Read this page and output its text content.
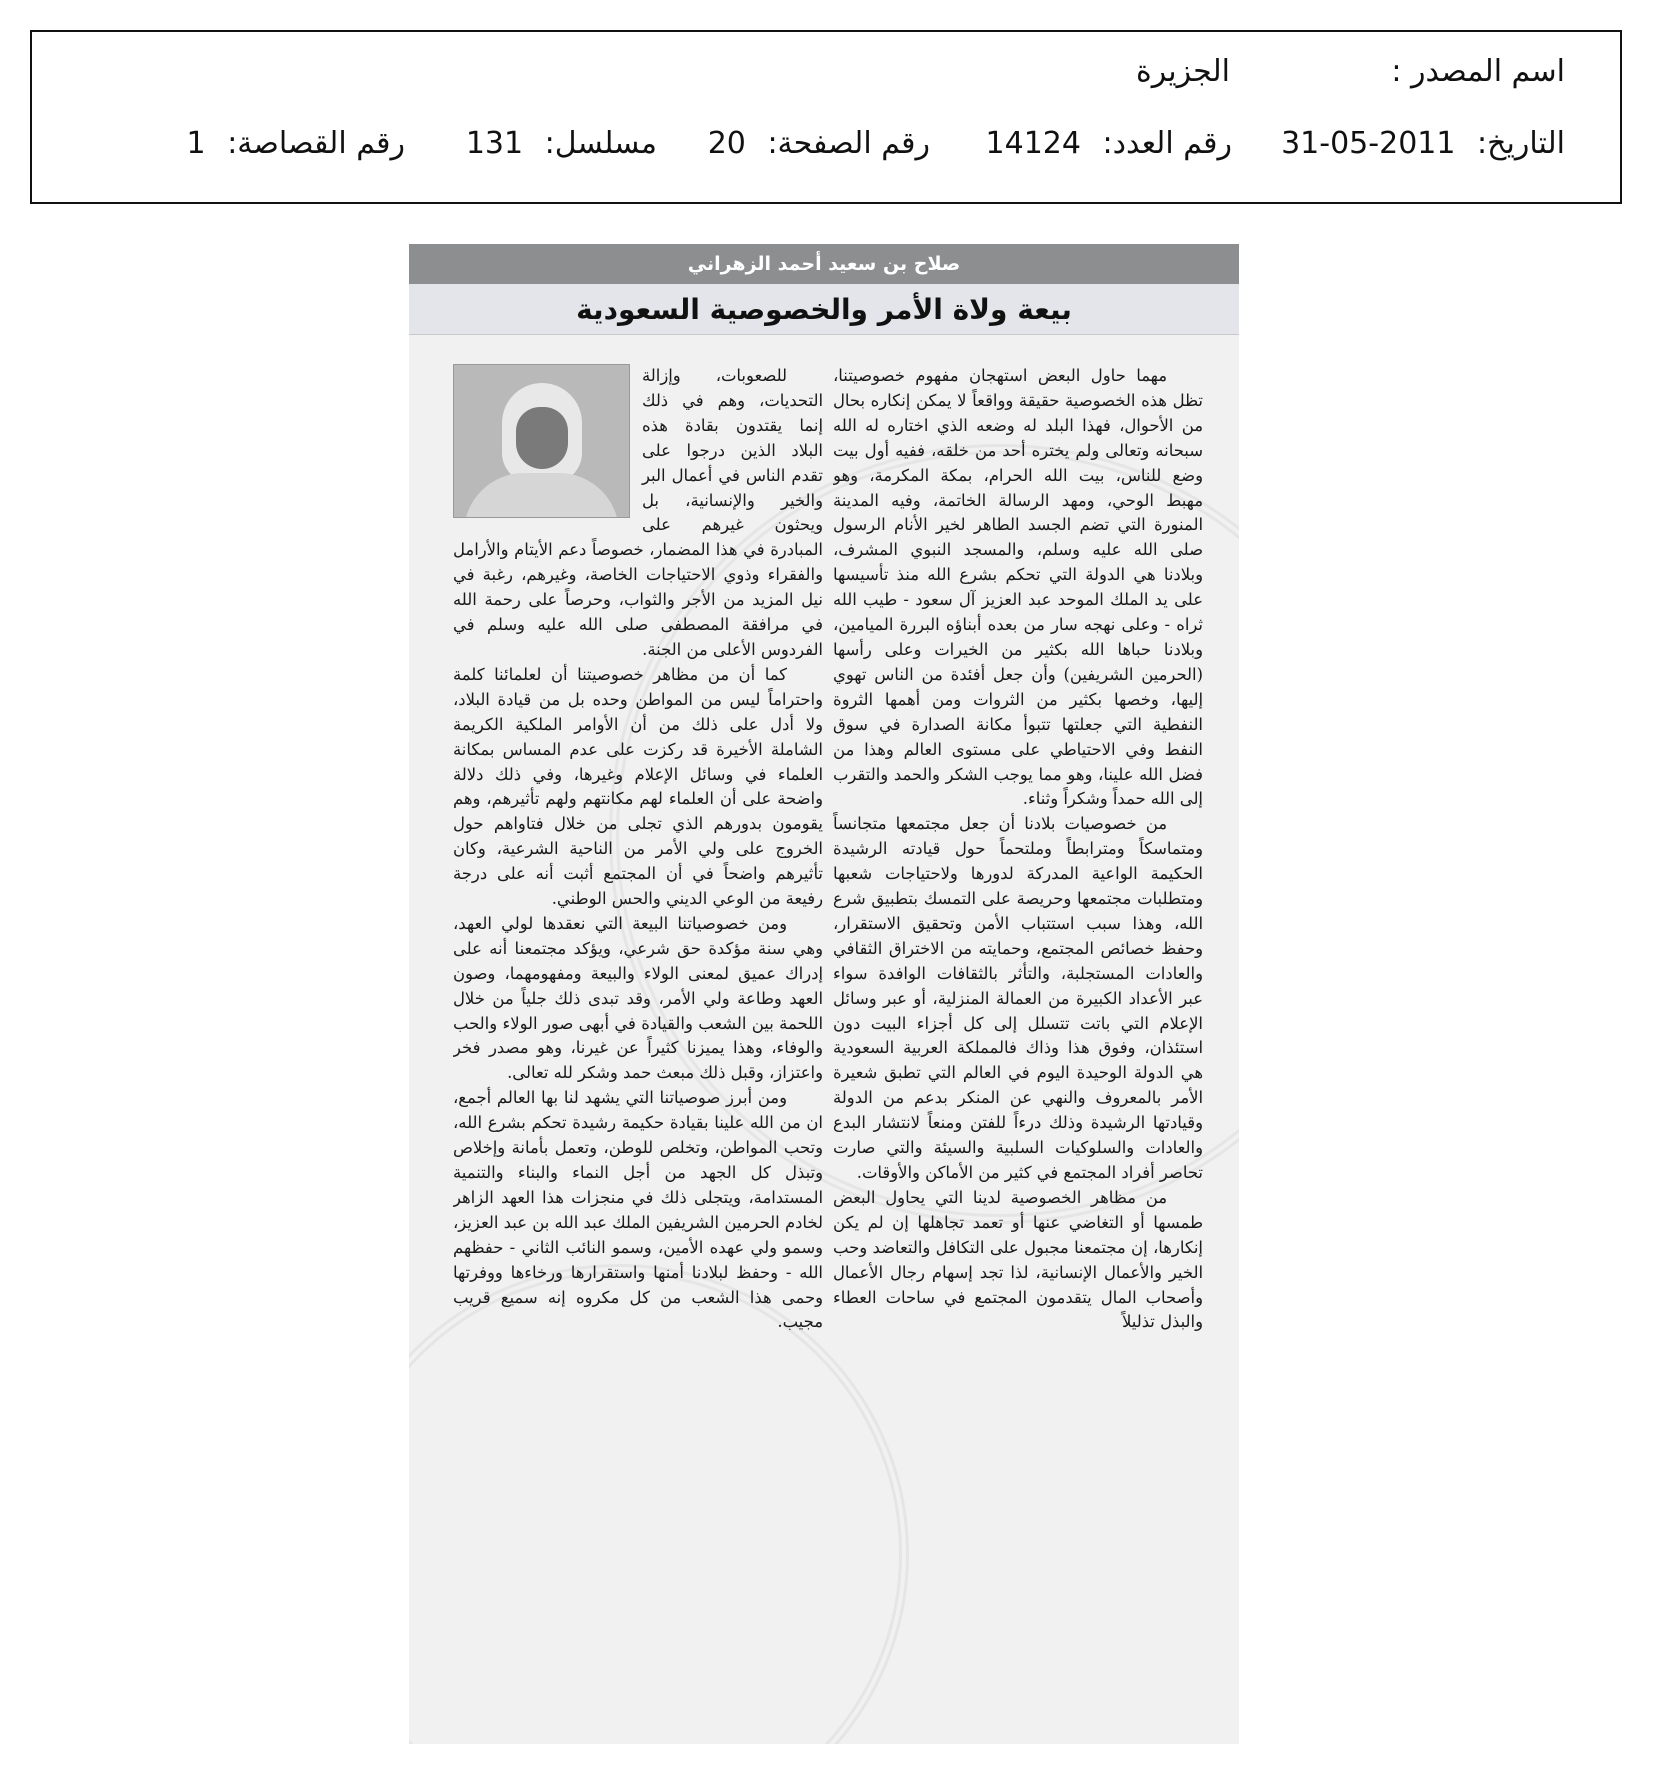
اسم المصدر :
الجزيرة
التاريخ: 2011-05-31
رقم العدد: 14124
رقم الصفحة: 20
مسلسل: 131
رقم القصاصة: 1
صلاح بن سعيد أحمد الزهراني
بيعة ولاة الأمر والخصوصية السعودية

مهما حاول البعض استهجان مفهوم خصوصيتنا، تظل هذه الخصوصية حقيقة وواقعاً لا يمكن إنكاره بحال من الأحوال، فهذا البلد له وضعه الذي اختاره له الله سبحانه وتعالى ولم يختره أحد من خلقه، ففيه أول بيت وضع للناس، بيت الله الحرام، بمكة المكرمة، وهو مهبط الوحي، ومهد الرسالة الخاتمة، وفيه المدينة المنورة التي تضم الجسد الطاهر لخير الأنام الرسول صلى الله عليه وسلم، والمسجد النبوي المشرف، وبلادنا هي الدولة التي تحكم بشرع الله منذ تأسيسها على يد الملك الموحد عبد العزيز آل سعود - طيب الله ثراه - وعلى نهجه سار من بعده أبناؤه البررة الميامين، وبلادنا حباها الله بكثير من الخيرات وعلى رأسها (الحرمين الشريفين) وأن جعل أفئدة من الناس تهوي إليها، وخصها بكثير من الثروات ومن أهمها الثروة النفطية التي جعلتها تتبوأ مكانة الصدارة في سوق النفط وفي الاحتياطي على مستوى العالم وهذا من فضل الله علينا، وهو مما يوجب الشكر والحمد والتقرب إلى الله حمداً وشكراً وثناء.

من خصوصيات بلادنا أن جعل مجتمعها متجانساً ومتماسكاً ومترابطاً وملتحماً حول قيادته الرشيدة الحكيمة الواعية المدركة لدورها ولاحتياجات شعبها ومتطلبات مجتمعها وحريصة على التمسك بتطبيق شرع الله، وهذا سبب استتباب الأمن وتحقيق الاستقرار، وحفظ خصائص المجتمع، وحمايته من الاختراق الثقافي والعادات المستجلبة، والتأثر بالثقافات الوافدة سواء عبر الأعداد الكبيرة من العمالة المنزلية، أو عبر وسائل الإعلام التي باتت تتسلل إلى كل أجزاء البيت دون استئذان، وفوق هذا وذاك فالمملكة العربية السعودية هي الدولة الوحيدة اليوم في العالم التي تطبق شعيرة الأمر بالمعروف والنهي عن المنكر بدعم من الدولة وقيادتها الرشيدة وذلك درءاً للفتن ومنعاً لانتشار البدع والعادات والسلوكيات السلبية والسيئة والتي صارت تحاصر أفراد المجتمع في كثير من الأماكن والأوقات.

من مظاهر الخصوصية لدينا التي يحاول البعض طمسها أو التغاضي عنها أو تعمد تجاهلها إن لم يكن إنكارها، إن مجتمعنا مجبول على التكافل والتعاضد وحب الخير والأعمال الإنسانية، لذا تجد إسهام رجال الأعمال وأصحاب المال يتقدمون المجتمع في ساحات العطاء والبذل تذليلاً

للصعوبات، وإزالة التحديات، وهم في ذلك إنما يقتدون بقادة هذه البلاد الذين درجوا على تقدم الناس في أعمال البر والخير والإنسانية، بل ويحثون غيرهم على المبادرة في هذا المضمار، خصوصاً دعم الأيتام والأرامل والفقراء وذوي الاحتياجات الخاصة، وغيرهم، رغبة في نيل المزيد من الأجر والثواب، وحرصاً على رحمة الله في مرافقة المصطفى صلى الله عليه وسلم في الفردوس الأعلى من الجنة.

كما أن من مظاهر خصوصيتنا أن لعلمائنا كلمة واحتراماً ليس من المواطن وحده بل من قيادة البلاد، ولا أدل على ذلك من أن الأوامر الملكية الكريمة الشاملة الأخيرة قد ركزت على عدم المساس بمكانة العلماء في وسائل الإعلام وغيرها، وفي ذلك دلالة واضحة على أن العلماء لهم مكانتهم ولهم تأثيرهم، وهم يقومون بدورهم الذي تجلى من خلال فتاواهم حول الخروج على ولي الأمر من الناحية الشرعية، وكان تأثيرهم واضحاً في أن المجتمع أثبت أنه على درجة رفيعة من الوعي الديني والحس الوطني.

ومن خصوصياتنا البيعة التي نعقدها لولي العهد، وهي سنة مؤكدة حق شرعي، ويؤكد مجتمعنا أنه على إدراك عميق لمعنى الولاء والبيعة ومفهومهما، وصون العهد وطاعة ولي الأمر، وقد تبدى ذلك جلياً من خلال اللحمة بين الشعب والقيادة في أبهى صور الولاء والحب والوفاء، وهذا يميزنا كثيراً عن غيرنا، وهو مصدر فخر واعتزاز، وقبل ذلك مبعث حمد وشكر لله تعالى.

ومن أبرز صوصياتنا التي يشهد لنا بها العالم أجمع، ان من الله علينا بقيادة حكيمة رشيدة تحكم بشرع الله، وتحب المواطن، وتخلص للوطن، وتعمل بأمانة وإخلاص وتبذل كل الجهد من أجل النماء والبناء والتنمية المستدامة، ويتجلى ذلك في منجزات هذا العهد الزاهر لخادم الحرمين الشريفين الملك عبد الله بن عبد العزيز، وسمو ولي عهده الأمين، وسمو النائب الثاني - حفظهم الله - وحفظ لبلادنا أمنها واستقرارها ورخاءها ووفرتها وحمى هذا الشعب من كل مكروه إنه سميع قريب مجيب.
